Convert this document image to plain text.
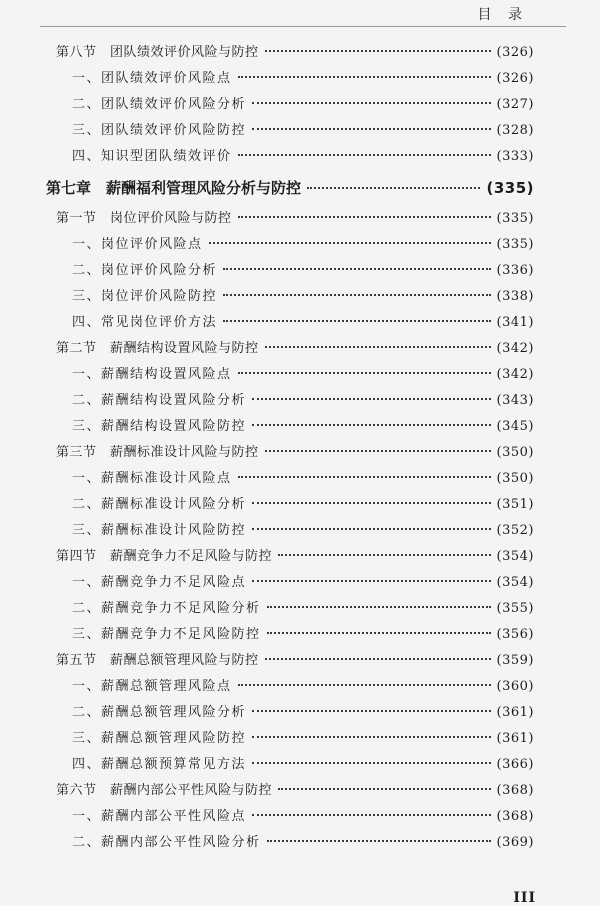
目 录
第八节　团队绩效评价风险与防控	(326)
一、团队绩效评价风险点	(326)
二、团队绩效评价风险分析	(327)
三、团队绩效评价风险防控	(328)
四、知识型团队绩效评价	(333)
第七章　薪酬福利管理风险分析与防控	(335)
第一节　岗位评价风险与防控	(335)
一、岗位评价风险点	(335)
二、岗位评价风险分析	(336)
三、岗位评价风险防控	(338)
四、常见岗位评价方法	(341)
第二节　薪酬结构设置风险与防控	(342)
一、薪酬结构设置风险点	(342)
二、薪酬结构设置风险分析	(343)
三、薪酬结构设置风险防控	(345)
第三节　薪酬标准设计风险与防控	(350)
一、薪酬标准设计风险点	(350)
二、薪酬标准设计风险分析	(351)
三、薪酬标准设计风险防控	(352)
第四节　薪酬竞争力不足风险与防控	(354)
一、薪酬竞争力不足风险点	(354)
二、薪酬竞争力不足风险分析	(355)
三、薪酬竞争力不足风险防控	(356)
第五节　薪酬总额管理风险与防控	(359)
一、薪酬总额管理风险点	(360)
二、薪酬总额管理风险分析	(361)
三、薪酬总额管理风险防控	(361)
四、薪酬总额预算常见方法	(366)
第六节　薪酬内部公平性风险与防控	(368)
一、薪酬内部公平性风险点	(368)
二、薪酬内部公平性风险分析	(369)
III
